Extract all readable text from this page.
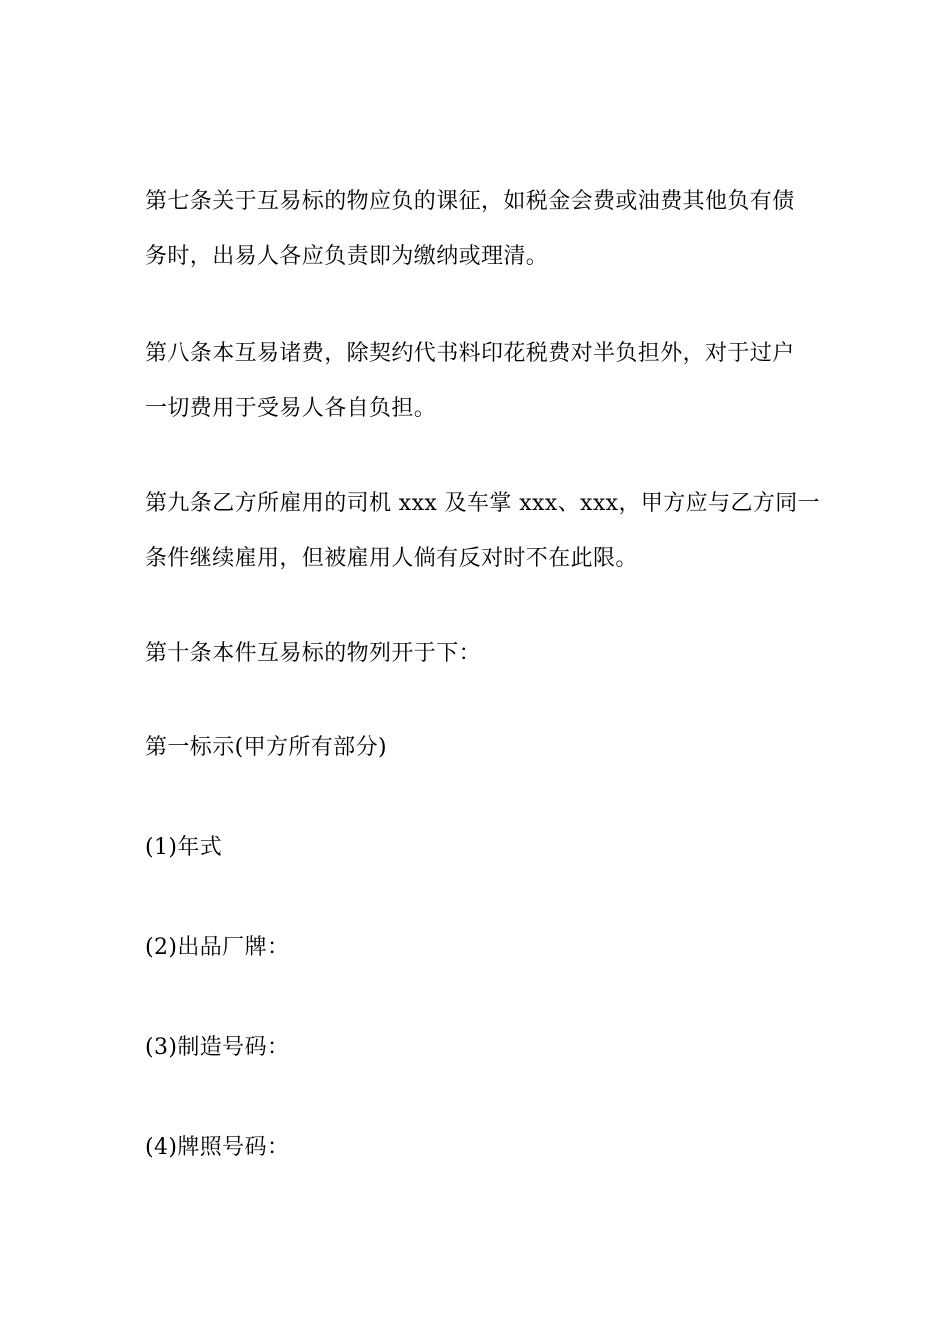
第七条关于互易标的物应负的课征，如税金会费或油费其他负有债
务时，出易人各应负责即为缴纳或理清。

第八条本互易诸费，除契约代书料印花税费对半负担外，对于过户
一切费用于受易人各自负担。

第九条乙方所雇用的司机 xxx 及车掌 xxx、xxx，甲方应与乙方同一
条件继续雇用，但被雇用人倘有反对时不在此限。

第十条本件互易标的物列开于下：

第一标示(甲方所有部分)

(1)年式

(2)出品厂牌：

(3)制造号码：

(4)牌照号码：
